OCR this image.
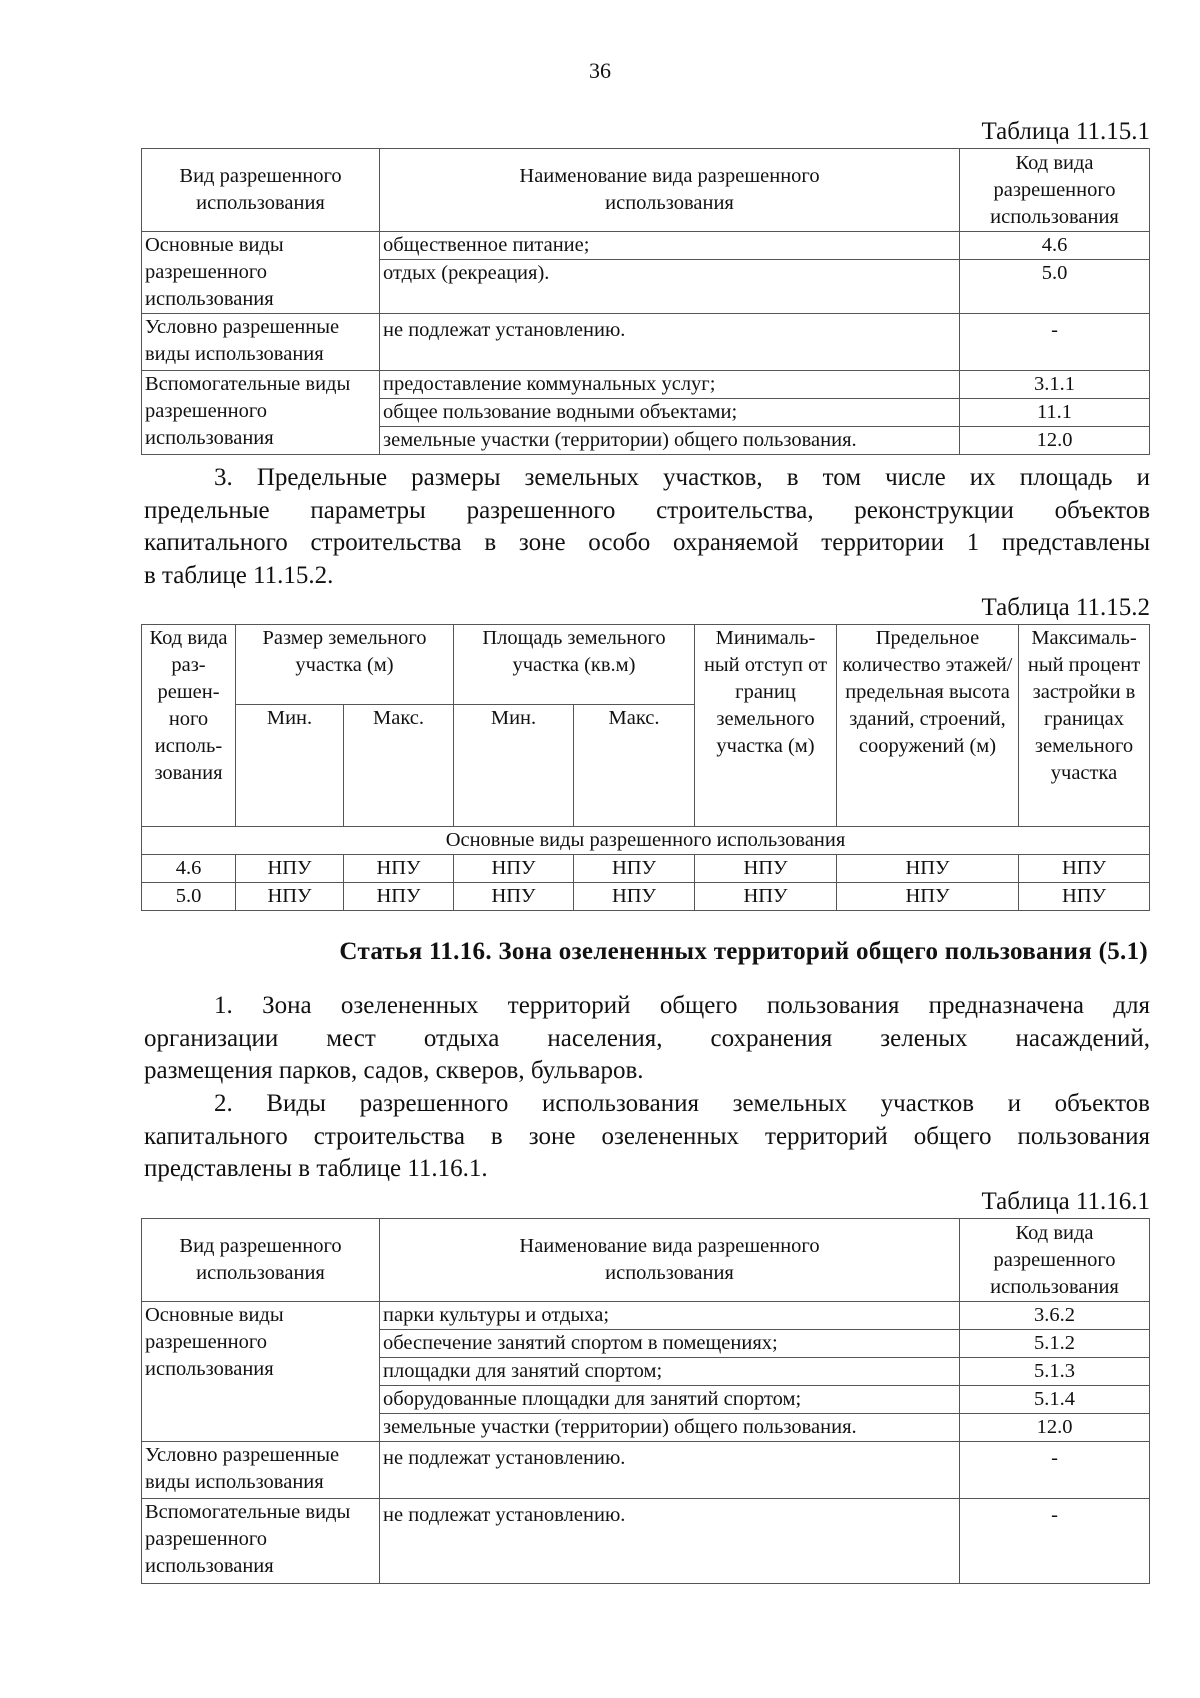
36
Таблица 11.15.1
Вид разрешенного использования	Наименование вида разрешенного использования	Код вида разрешенного использования
Основные виды разрешенного использования	общественное питание;	4.6
	отдых (рекреация).	5.0
Условно разрешенные виды использования	не подлежат установлению.	-
Вспомогательные виды разрешенного использования	предоставление коммунальных услуг;	3.1.1
	общее пользование водными объектами;	11.1
	земельные участки (территории) общего пользования.	12.0

3. Предельные размеры земельных участков, в том числе их площадь и
предельные параметры разрешенного строительства, реконструкции объектов
капитального строительства в зоне особо охраняемой территории 1 представлены
в таблице 11.15.2.

Таблица 11.15.2
Код вида раз- решен- ного исполь- зования	Размер земельного участка (м)		Площадь земельного участка (кв.м)		Минималь- ный отступ от границ земельного участка (м)	Предельное количество этажей/ предельная высота зданий, строений, сооружений (м)	Максималь- ный процент застройки в границах земельного участка
	Мин.	Макс.	Мин.	Макс.			
Основные виды разрешенного использования							
4.6	НПУ	НПУ	НПУ	НПУ	НПУ	НПУ	НПУ
5.0	НПУ	НПУ	НПУ	НПУ	НПУ	НПУ	НПУ
Статья 11.16. Зона озелененных территорий общего пользования (5.1)

1. Зона озелененных территорий общего пользования предназначена для
организации мест отдыха населения, сохранения зеленых насаждений,
размещения парков, садов, скверов, бульваров.

2. Виды разрешенного использования земельных участков и объектов
капитального строительства в зоне озелененных территорий общего пользования
представлены в таблице 11.16.1.

Таблица 11.16.1
Вид разрешенного использования	Наименование вида разрешенного использования	Код вида разрешенного использования
Основные виды разрешенного использования	парки культуры и отдыха;	3.6.2
	обеспечение занятий спортом в помещениях;	5.1.2
	площадки для занятий спортом;	5.1.3
	оборудованные площадки для занятий спортом;	5.1.4
	земельные участки (территории) общего пользования.	12.0
Условно разрешенные виды использования	не подлежат установлению.	-
Вспомогательные виды разрешенного использования	не подлежат установлению.	-
